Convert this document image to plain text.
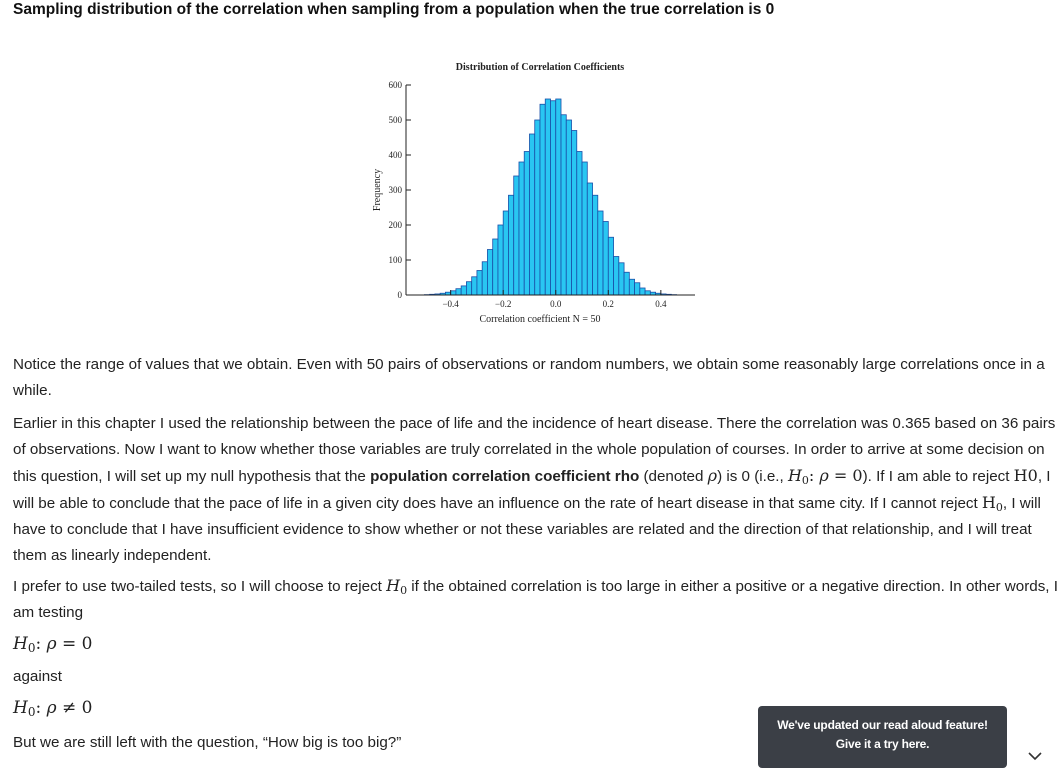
Sampling distribution of the correlation when sampling from a population when the true correlation is 0
Distribution of Correlation Coefficients
Frequency
Correlation coefficient N = 50
0
100
200
300
400
500
600
−0.4	−0.2	0.0	0.2	0.4

Notice the range of values that we obtain. Even with 50 pairs of observations or random numbers, we obtain some reasonably large correlations once in a while.

Earlier in this chapter I used the relationship between the pace of life and the incidence of heart disease. There the correlation was 0.365 based on 36 pairs of observations. Now I want to know whether those variables are truly correlated in the whole population of courses. In order to arrive at some decision on this question, I will set up my null hypothesis that the population correlation coefficient rho (denoted ρ) is 0 (i.e., $H_0$: ρ = 0). If I am able to reject H0, I will be able to conclude that the pace of life in a given city does have an influence on the rate of heart disease in that same city. If I cannot reject $H_0$, I will have to conclude that I have insufficient evidence to show whether or not these variables are related and the direction of that relationship, and I will treat them as linearly independent.

I prefer to use two-tailed tests, so I will choose to reject $H_0$ if the obtained correlation is too large in either a positive or a negative direction. In other words, I am testing

$H_0$: ρ = 0

against

$H_0$: ρ ≠ 0

But we are still left with the question, “How big is too big?”

We've updated our read aloud feature!
Give it a try here.
